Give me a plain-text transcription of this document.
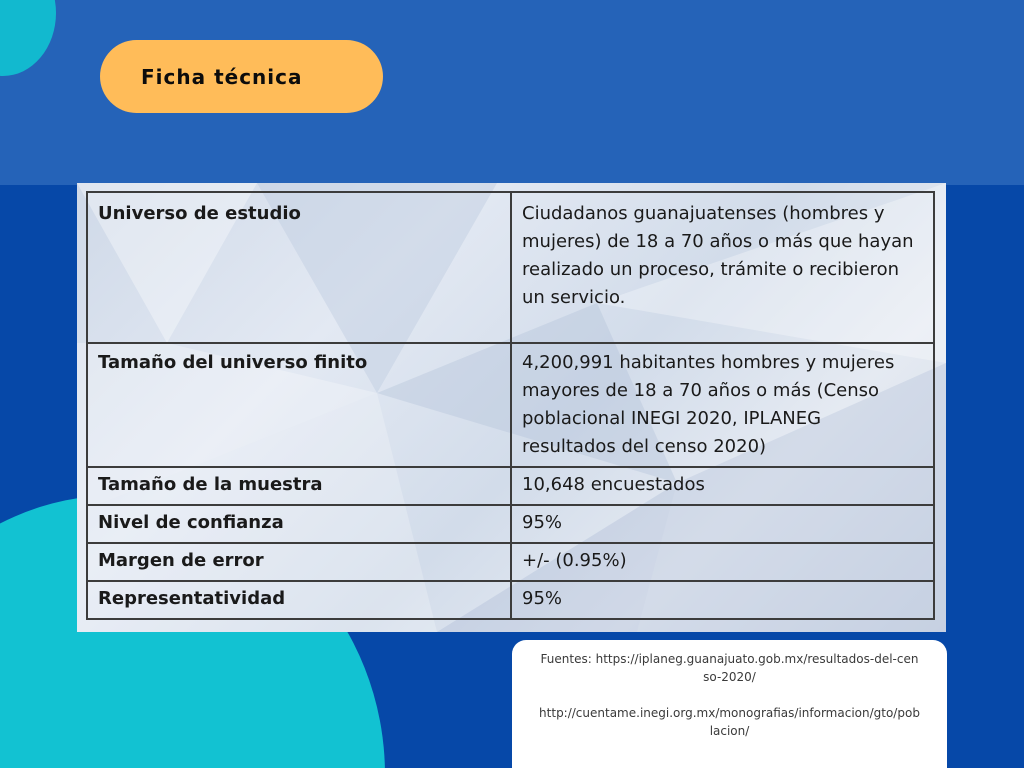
Ficha técnica
Universo de estudio	Ciudadanos guanajuatenses (hombres y mujeres) de 18 a 70 años o más que hayan realizado un proceso, trámite o recibieron un servicio.
Tamaño del universo finito	4,200,991 habitantes hombres y mujeres mayores de 18 a 70 años o más (Censo poblacional INEGI 2020, IPLANEG resultados del censo 2020)
Tamaño de la muestra	10,648 encuestados
Nivel de confianza	95%
Margen de error	+/- (0.95%)
Representatividad	95%

Fuentes: https://iplaneg.guanajuato.gob.mx/resultados-del-censo-2020/

http://cuentame.inegi.org.mx/monografias/informacion/gto/poblacion/
